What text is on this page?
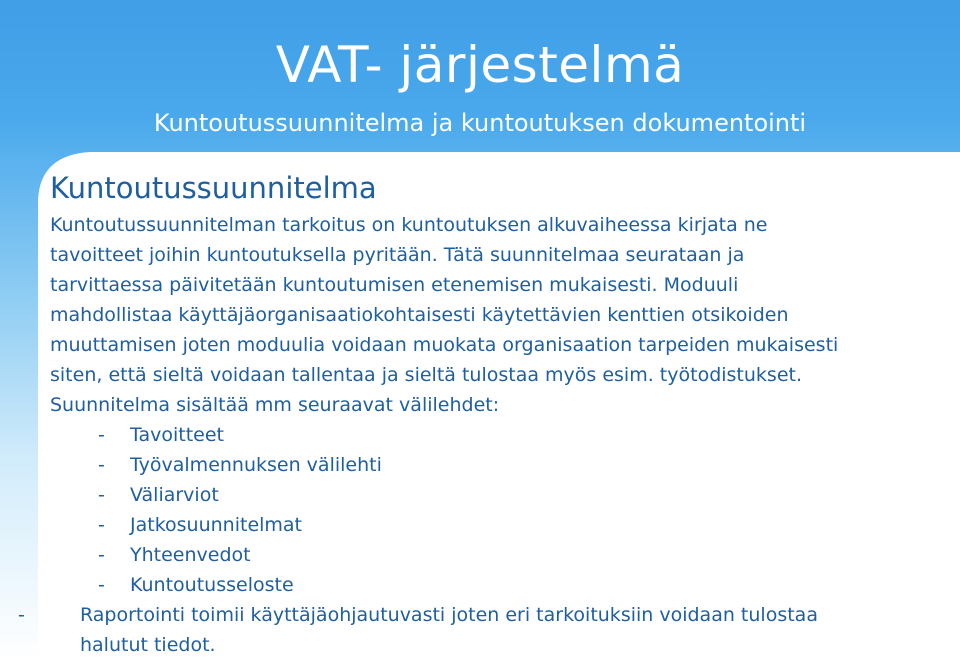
VAT- järjestelmä
Kuntoutussuunnitelma ja kuntoutuksen dokumentointi
Kuntoutussuunnitelma
Kuntoutussuunnitelman tarkoitus on kuntoutuksen alkuvaiheessa kirjata ne
tavoitteet joihin kuntoutuksella pyritään. Tätä suunnitelmaa seurataan ja
tarvittaessa päivitetään kuntoutumisen etenemisen mukaisesti. Moduuli
mahdollistaa käyttäjäorganisaatiokohtaisesti käytettävien kenttien otsikoiden
muuttamisen joten moduulia voidaan muokata organisaation tarpeiden mukaisesti
siten, että sieltä voidaan tallentaa ja sieltä tulostaa myös esim. työtodistukset.
Suunnitelma sisältää mm seuraavat välilehdet:
- Tavoitteet
- Työvalmennuksen välilehti
- Väliarviot
- Jatkosuunnitelmat
- Yhteenvedot
- Kuntoutusseloste
-	Raportointi toimii käyttäjäohjautuvasti joten eri tarkoituksiin voidaan tulostaa
halutut tiedot.
